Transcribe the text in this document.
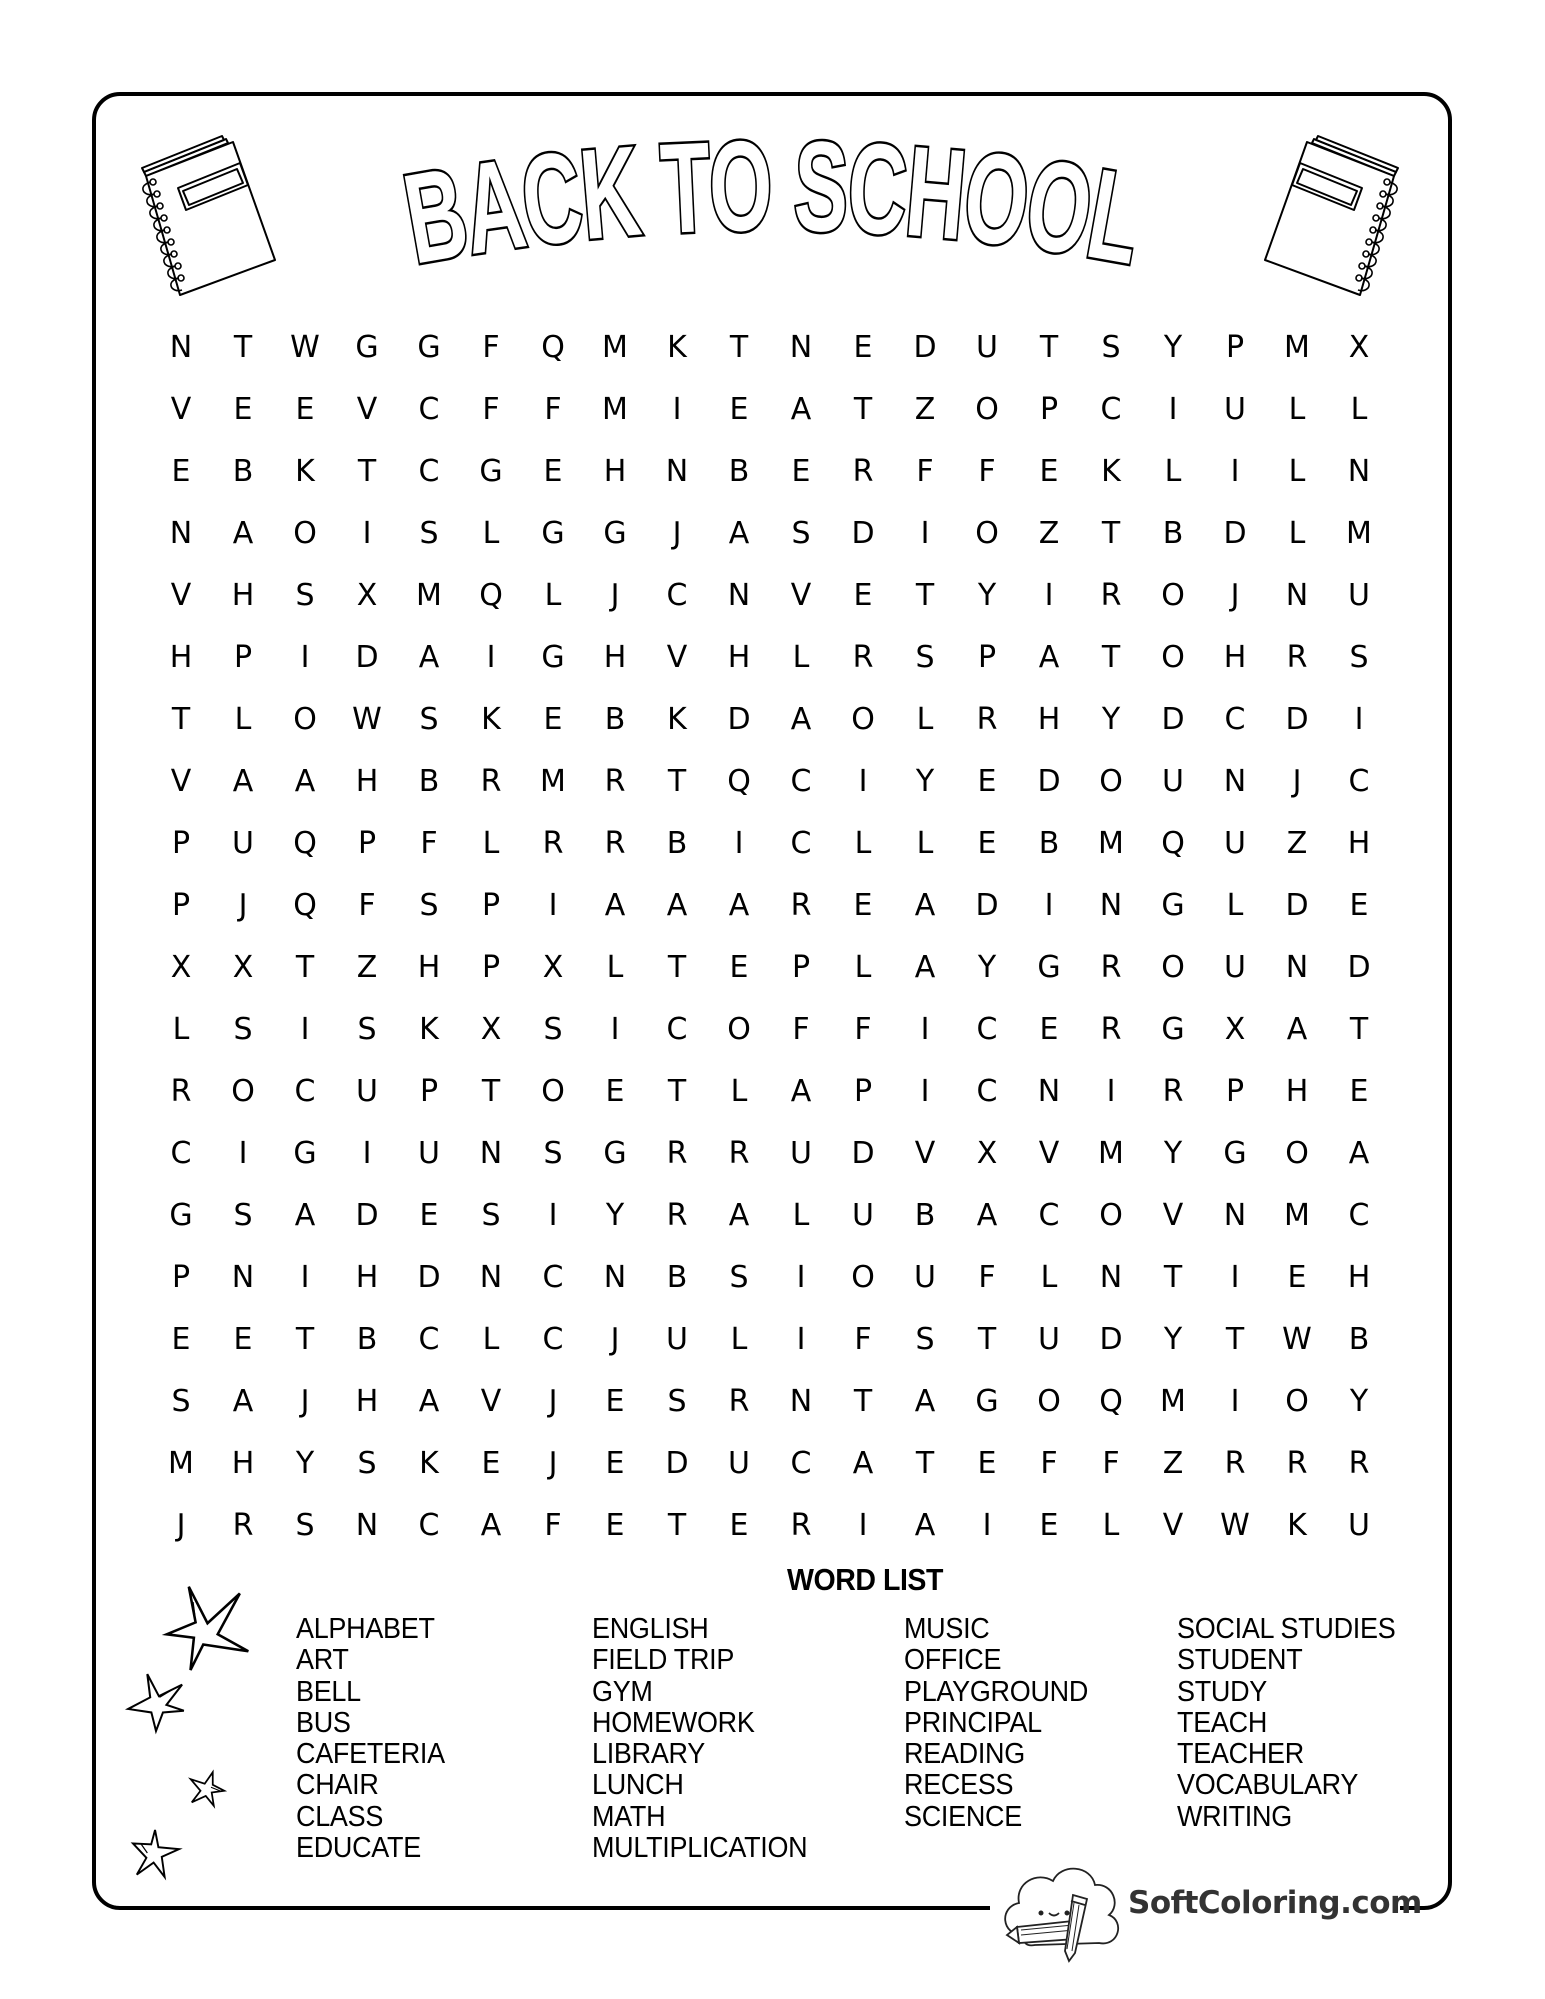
BACK TO SCHOOL
N	T	W	G	G	F	Q	M	K	T	N	E	D	U	T	S	Y	P	M	X
V	E	E	V	C	F	F	M	I	E	A	T	Z	O	P	C	I	U	L	L
E	B	K	T	C	G	E	H	N	B	E	R	F	F	E	K	L	I	L	N
N	A	O	I	S	L	G	G	J	A	S	D	I	O	Z	T	B	D	L	M
V	H	S	X	M	Q	L	J	C	N	V	E	T	Y	I	R	O	J	N	U
H	P	I	D	A	I	G	H	V	H	L	R	S	P	A	T	O	H	R	S
T	L	O	W	S	K	E	B	K	D	A	O	L	R	H	Y	D	C	D	I
V	A	A	H	B	R	M	R	T	Q	C	I	Y	E	D	O	U	N	J	C
P	U	Q	P	F	L	R	R	B	I	C	L	L	E	B	M	Q	U	Z	H
P	J	Q	F	S	P	I	A	A	A	R	E	A	D	I	N	G	L	D	E
X	X	T	Z	H	P	X	L	T	E	P	L	A	Y	G	R	O	U	N	D
L	S	I	S	K	X	S	I	C	O	F	F	I	C	E	R	G	X	A	T
R	O	C	U	P	T	O	E	T	L	A	P	I	C	N	I	R	P	H	E
C	I	G	I	U	N	S	G	R	R	U	D	V	X	V	M	Y	G	O	A
G	S	A	D	E	S	I	Y	R	A	L	U	B	A	C	O	V	N	M	C
P	N	I	H	D	N	C	N	B	S	I	O	U	F	L	N	T	I	E	H
E	E	T	B	C	L	C	J	U	L	I	F	S	T	U	D	Y	T	W	B
S	A	J	H	A	V	J	E	S	R	N	T	A	G	O	Q	M	I	O	Y
M	H	Y	S	K	E	J	E	D	U	C	A	T	E	F	F	Z	R	R	R
J	R	S	N	C	A	F	E	T	E	R	I	A	I	E	L	V	W	K	U
WORD LIST
ALPHABET
ART
BELL
BUS
CAFETERIA
CHAIR
CLASS
EDUCATE
ENGLISH
FIELD TRIP
GYM
HOMEWORK
LIBRARY
LUNCH
MATH
MULTIPLICATION
MUSIC
OFFICE
PLAYGROUND
PRINCIPAL
READING
RECESS
SCIENCE
SOCIAL STUDIES
STUDENT
STUDY
TEACH
TEACHER
VOCABULARY
WRITING
SoftColoring.com
